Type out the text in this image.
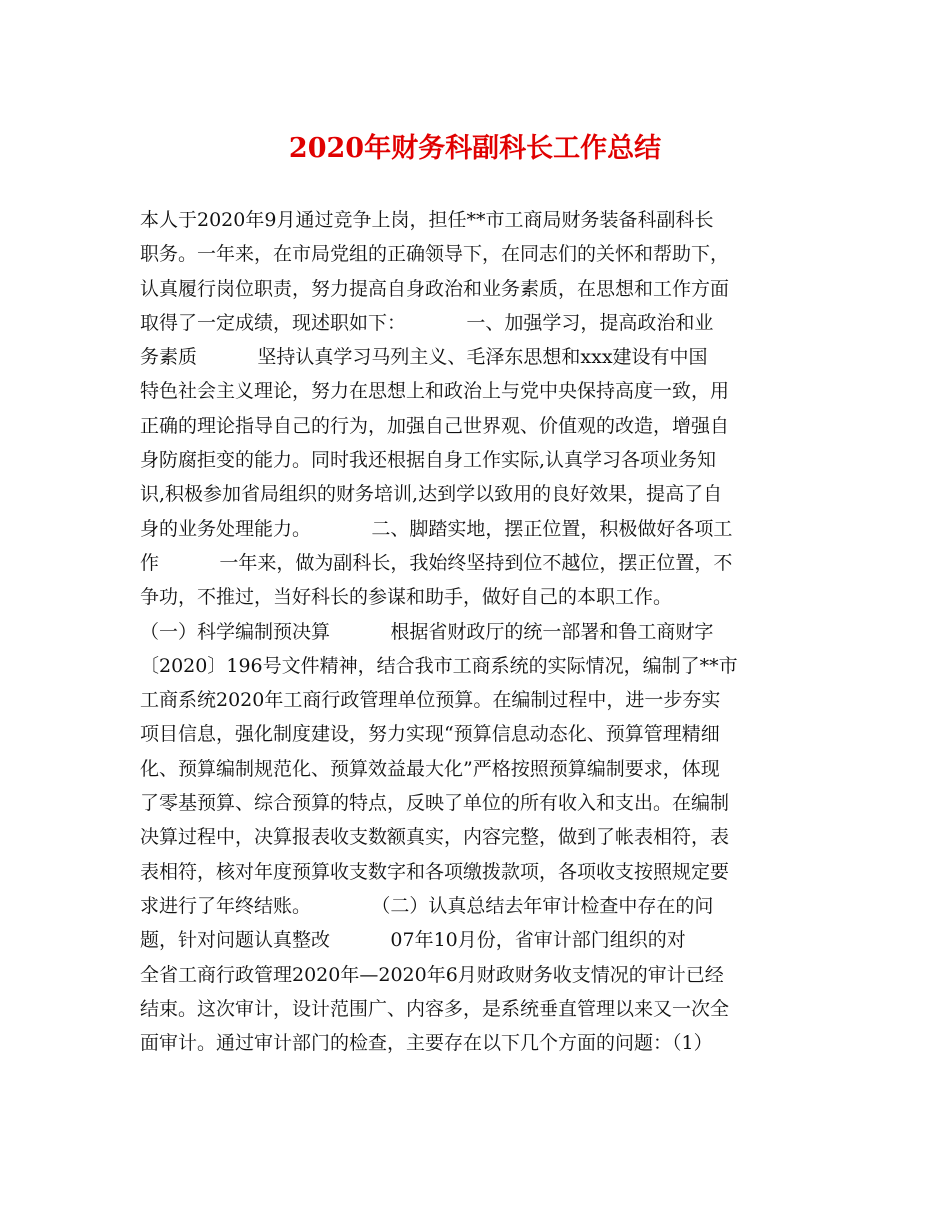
2020年财务科副科长工作总结
本人于2020年9月通过竞争上岗，担任**市工商局财务装备科副科长
职务。一年来，在市局党组的正确领导下，在同志们的关怀和帮助下，
认真履行岗位职责，努力提高自身政治和业务素质，在思想和工作方面
取得了一定成绩，现述职如下：          一、加强学习，提高政治和业
务素质          坚持认真学习马列主义、毛泽东思想和xxx建设有中国
特色社会主义理论，努力在思想上和政治上与党中央保持高度一致，用
正确的理论指导自己的行为，加强自己世界观、价值观的改造，增强自
身防腐拒变的能力。同时我还根据自身工作实际,认真学习各项业务知
识,积极参加省局组织的财务培训,达到学以致用的良好效果，提高了自
身的业务处理能力。          二、脚踏实地，摆正位置，积极做好各项工
作          一年来，做为副科长，我始终坚持到位不越位，摆正位置，不
争功，不推过，当好科长的参谋和助手，做好自己的本职工作。
（一）科学编制预决算          根据省财政厅的统一部署和鲁工商财字
〔2020〕196号文件精神，结合我市工商系统的实际情况，编制了**市
工商系统2020年工商行政管理单位预算。在编制过程中，进一步夯实
项目信息，强化制度建设，努力实现“预算信息动态化、预算管理精细
化、预算编制规范化、预算效益最大化”严格按照预算编制要求，体现
了零基预算、综合预算的特点，反映了单位的所有收入和支出。在编制
决算过程中，决算报表收支数额真实，内容完整，做到了帐表相符，表
表相符，核对年度预算收支数字和各项缴拨款项，各项收支按照规定要
求进行了年终结账。          （二）认真总结去年审计检查中存在的问
题，针对问题认真整改          07年10月份，省审计部门组织的对
全省工商行政管理2020年—2020年6月财政财务收支情况的审计已经
结束。这次审计，设计范围广、内容多，是系统垂直管理以来又一次全
面审计。通过审计部门的检查，主要存在以下几个方面的问题：（1）
